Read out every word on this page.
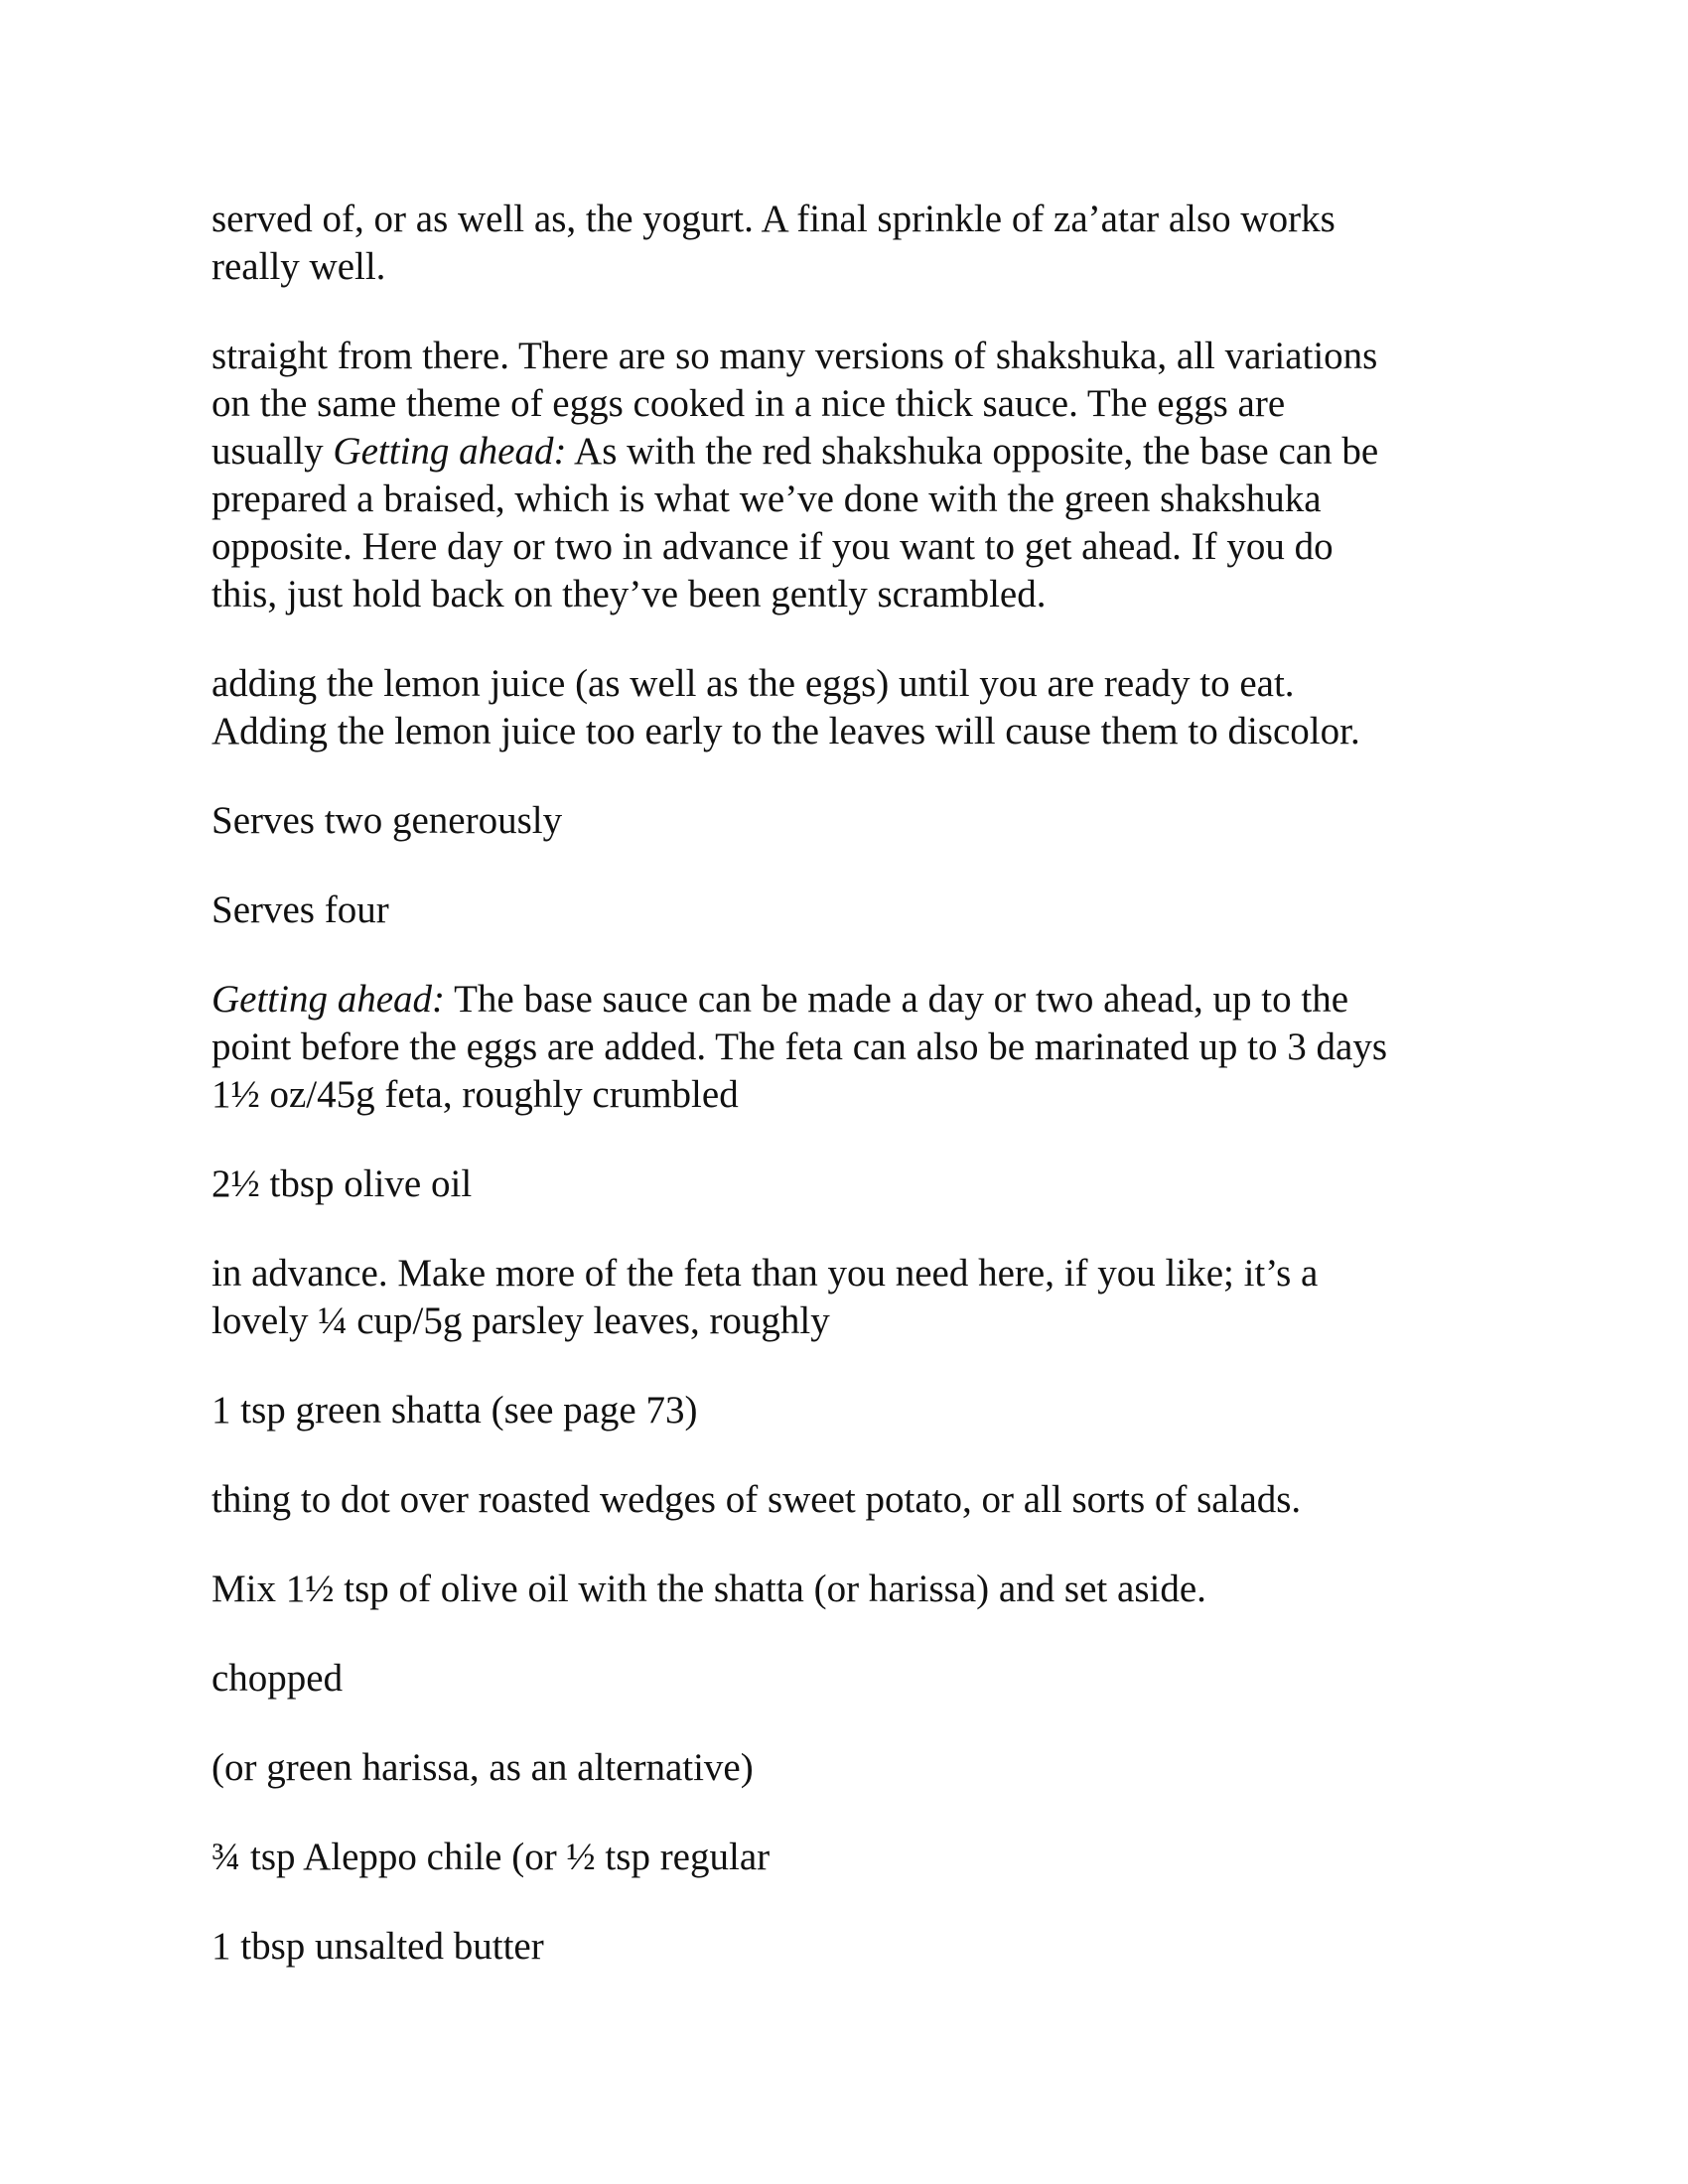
served of, or as well as, the yogurt. A final sprinkle of za’atar also works
really well.

straight from there. There are so many versions of shakshuka, all variations
on the same theme of eggs cooked in a nice thick sauce. The eggs are
usually Getting ahead: As with the red shakshuka opposite, the base can be
prepared a braised, which is what we’ve done with the green shakshuka
opposite. Here day or two in advance if you want to get ahead. If you do
this, just hold back on they’ve been gently scrambled.

adding the lemon juice (as well as the eggs) until you are ready to eat.
Adding the lemon juice too early to the leaves will cause them to discolor.

Serves two generously

Serves four

Getting ahead: The base sauce can be made a day or two ahead, up to the
point before the eggs are added. The feta can also be marinated up to 3 days
1½ oz/45g feta, roughly crumbled

2½ tbsp olive oil

in advance. Make more of the feta than you need here, if you like; it’s a
lovely ¼ cup/5g parsley leaves, roughly

1 tsp green shatta (see page 73)

thing to dot over roasted wedges of sweet potato, or all sorts of salads.

Mix 1½ tsp of olive oil with the shatta (or harissa) and set aside.

chopped

(or green harissa, as an alternative)

¾ tsp Aleppo chile (or ½ tsp regular

1 tbsp unsalted butter
